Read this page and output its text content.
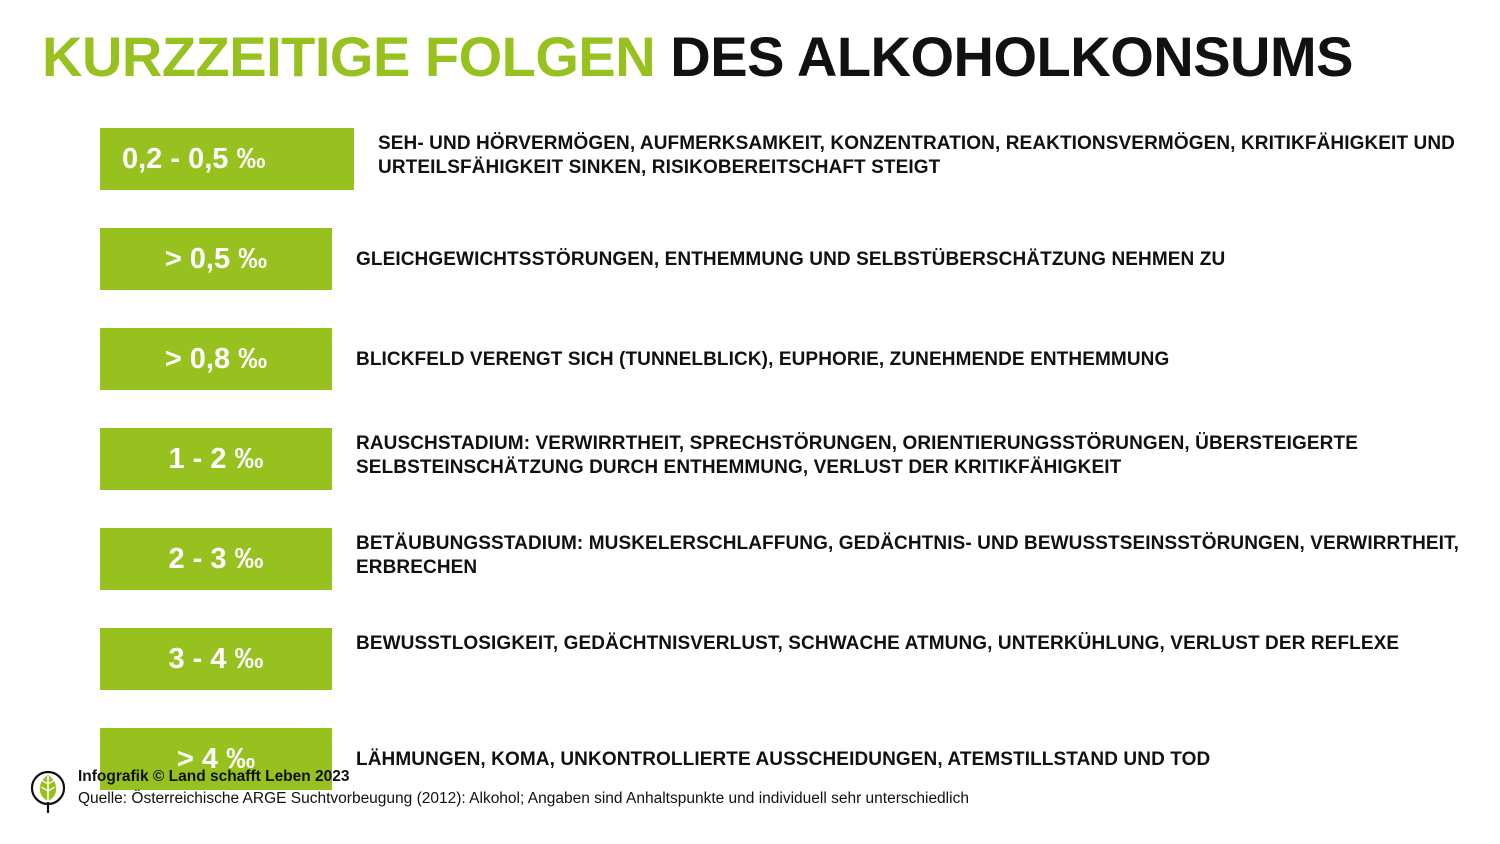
KURZZEITIGE FOLGEN DES ALKOHOLKONSUMS
0,2 - 0,5 ‰	SEH- UND HÖRVERMÖGEN, AUFMERKSAMKEIT, KONZENTRATION, REAKTIONSVERMÖGEN, KRITIKFÄHIGKEIT UND URTEILSFÄHIGKEIT SINKEN, RISIKOBEREITSCHAFT STEIGT
> 0,5 ‰	GLEICHGEWICHTSSTÖRUNGEN, ENTHEMMUNG UND SELBSTÜBERSCHÄTZUNG NEHMEN ZU
> 0,8 ‰	BLICKFELD VERENGT SICH (TUNNELBLICK), EUPHORIE, ZUNEHMENDE ENTHEMMUNG
1 - 2 ‰	RAUSCHSTADIUM: VERWIRRTHEIT, SPRECHSTÖRUNGEN, ORIENTIERUNGSSTÖRUNGEN, ÜBERSTEIGERTE SELBSTEINSCHÄTZUNG DURCH ENTHEMMUNG, VERLUST DER KRITIKFÄHIGKEIT
2 - 3 ‰	BETÄUBUNGSSTADIUM: MUSKELERSCHLAFFUNG, GEDÄCHTNIS- UND BEWUSSTSEINSSTÖRUNGEN, VERWIRRTHEIT, ERBRECHEN
3 - 4 ‰	BEWUSSTLOSIGKEIT, GEDÄCHTNISVERLUST, SCHWACHE ATMUNG, UNTERKÜHLUNG, VERLUST DER REFLEXE
> 4 ‰	LÄHMUNGEN, KOMA, UNKONTROLLIERTE AUSSCHEIDUNGEN, ATEMSTILLSTAND UND TOD
Infografik © Land schafft Leben 2023
Quelle: Österreichische ARGE Suchtvorbeugung (2012): Alkohol; Angaben sind Anhaltspunkte und individuell sehr unterschiedlich
